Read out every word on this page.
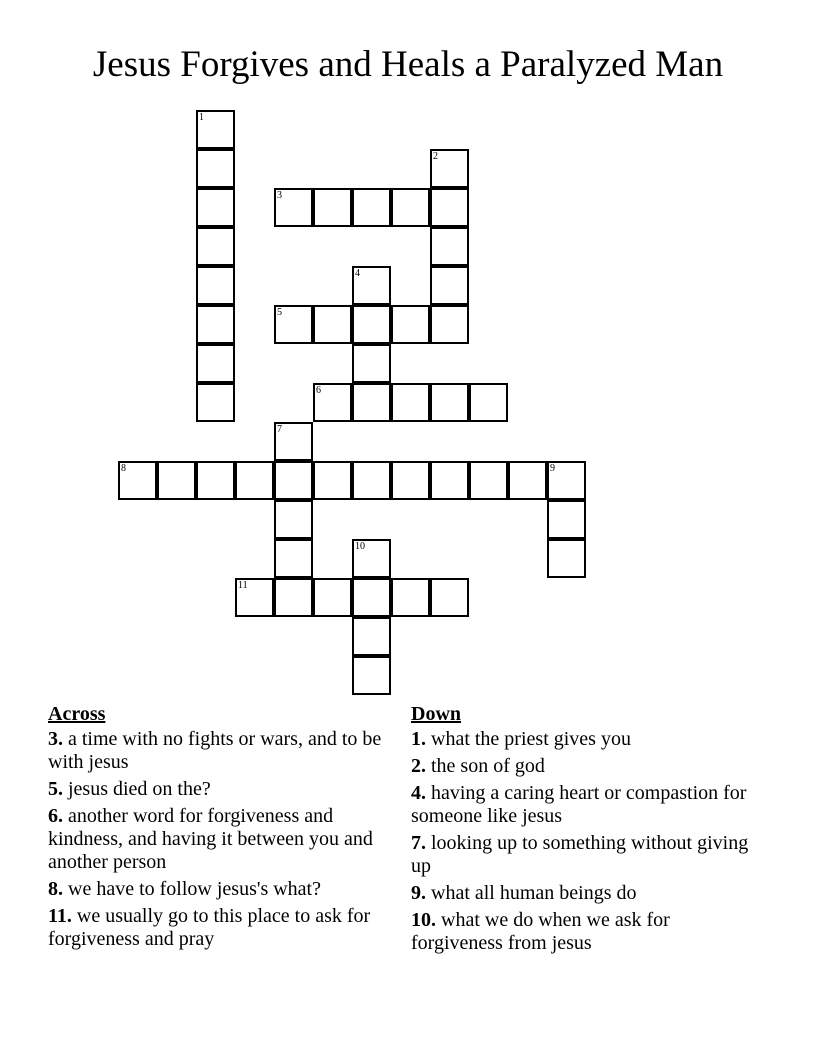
Jesus Forgives and Heals a Paralyzed Man
1
2
3
4
5
6
7
8	9
10
11
Across
3. a time with no fights or wars, and to be with jesus
5. jesus died on the?
6. another word for forgiveness and kindness, and having it between you and another person
8. we have to follow jesus's what?
11. we usually go to this place to ask for forgiveness and pray
Down
1. what the priest gives you
2. the son of god
4. having a caring heart or compastion for someone like jesus
7. looking up to something without giving up
9. what all human beings do
10. what we do when we ask for forgiveness from jesus
